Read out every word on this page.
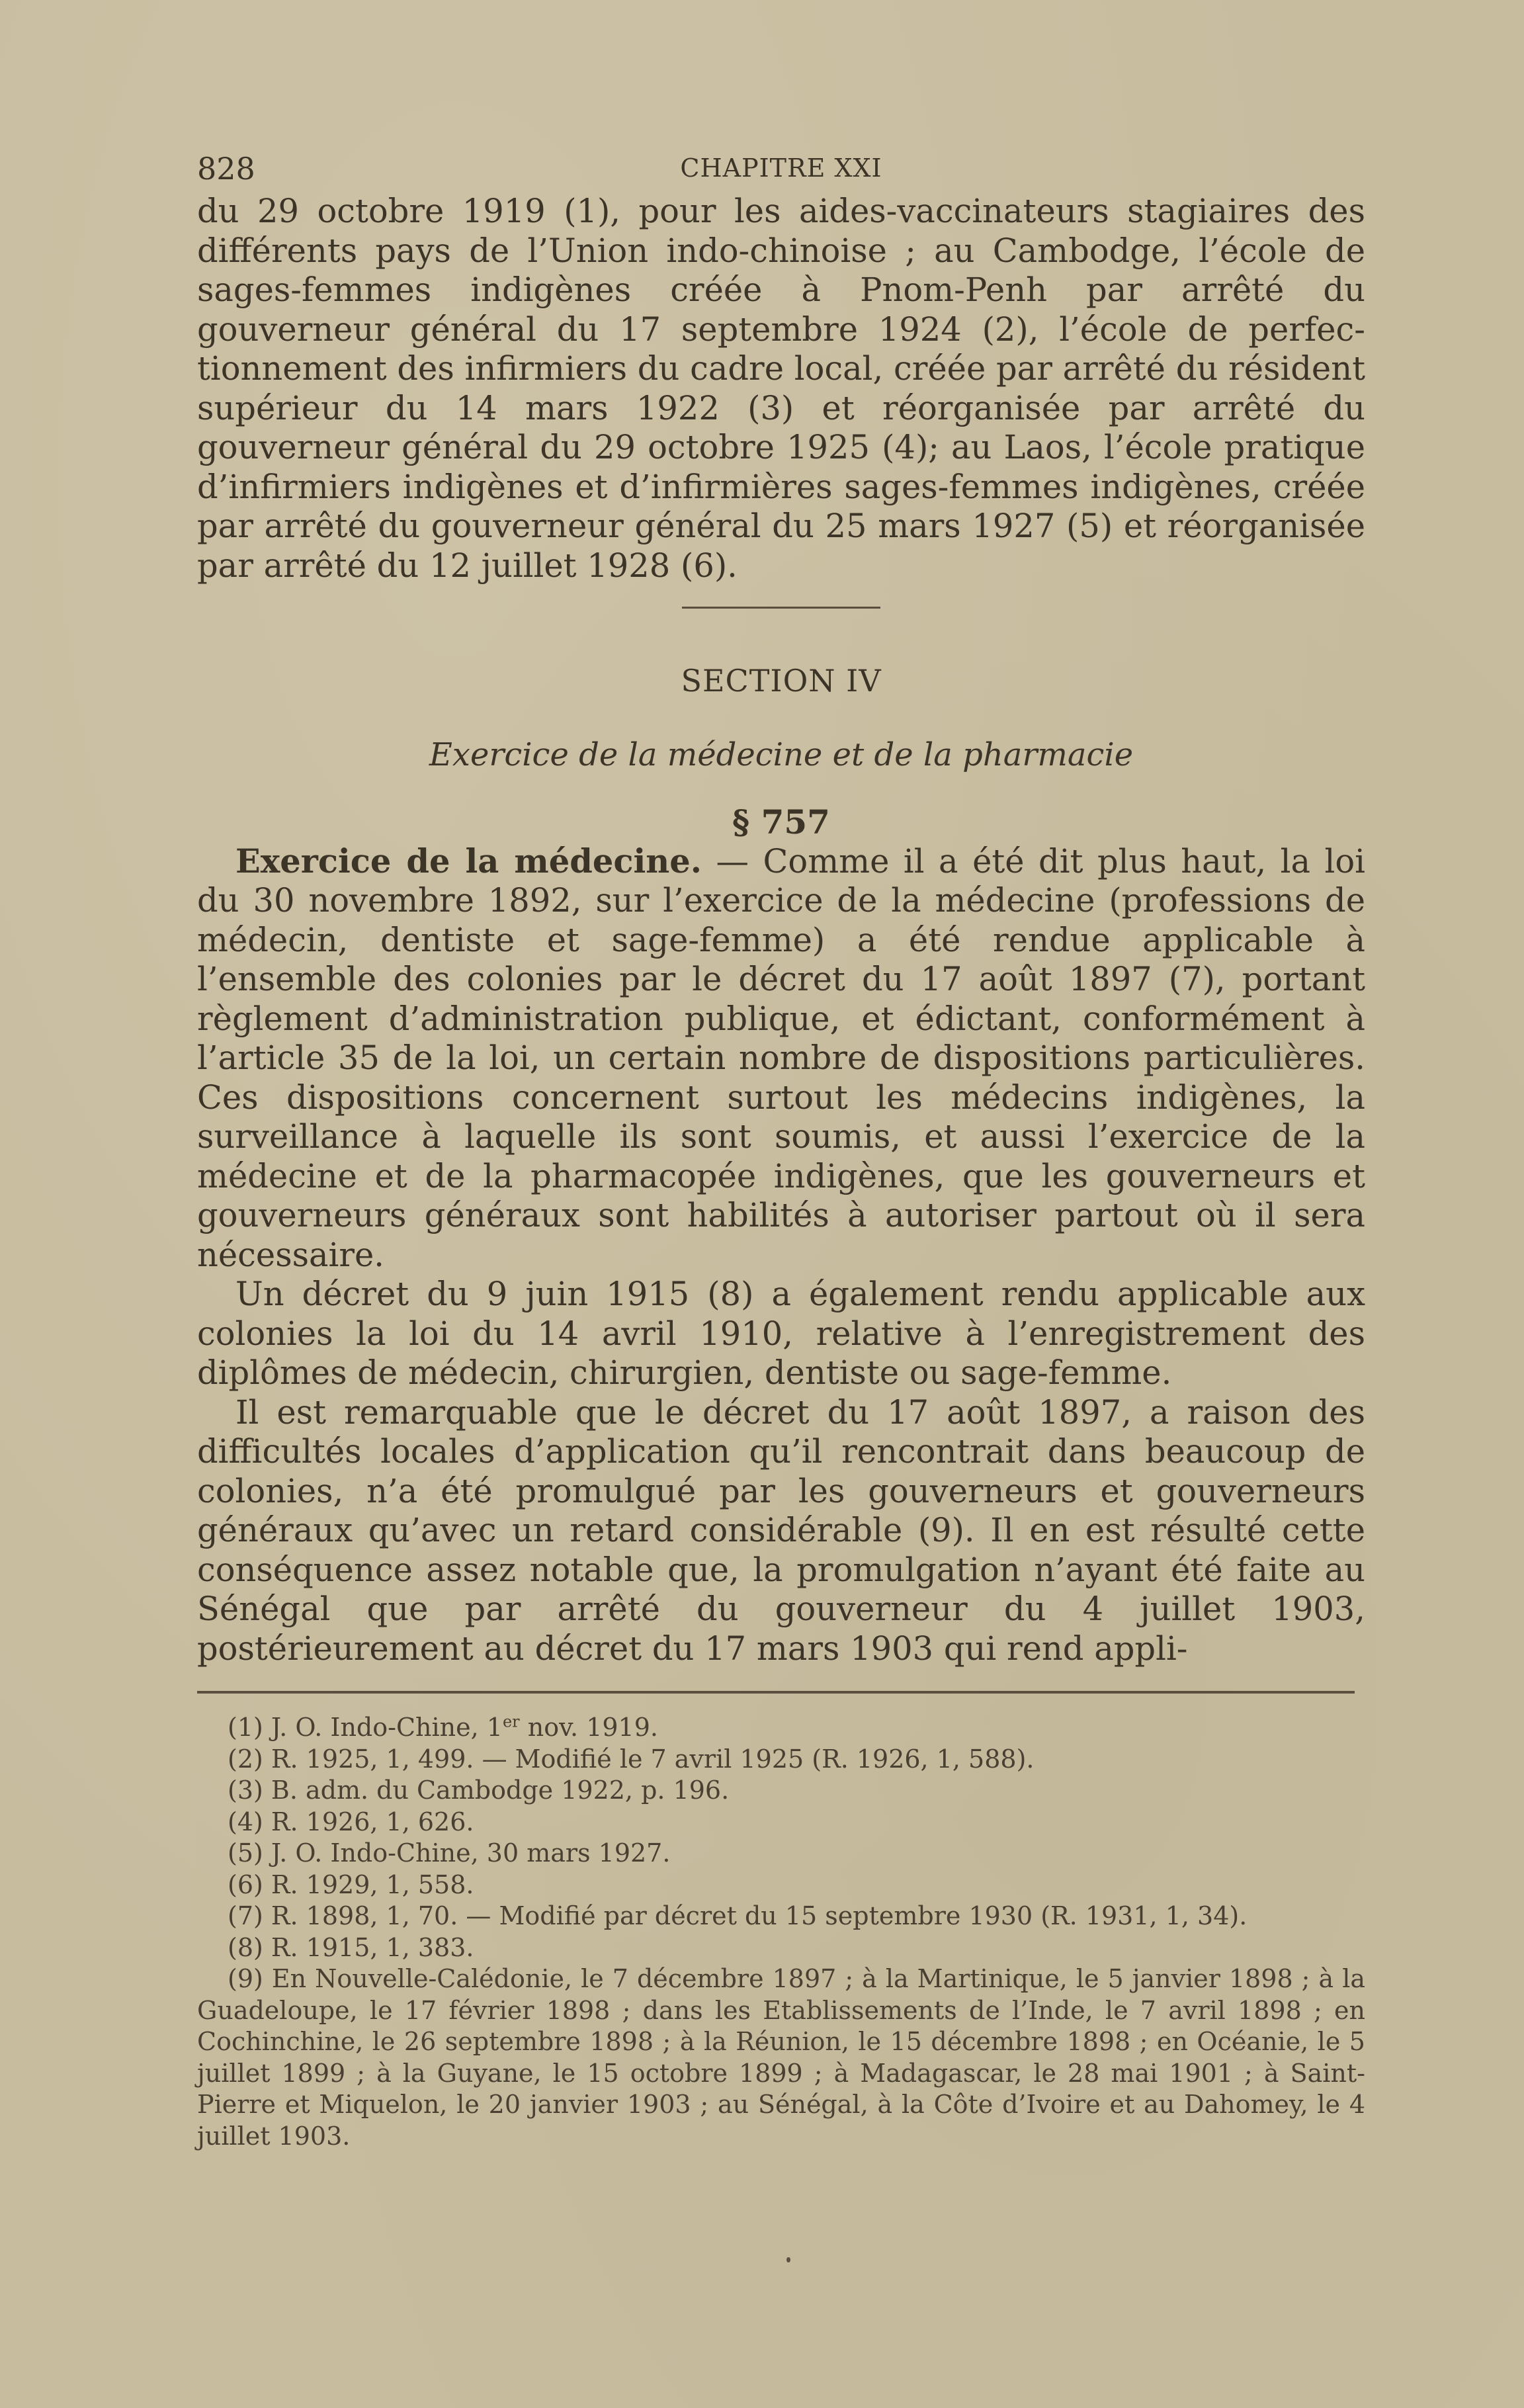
828	CHAPITRE XXI

du 29 octobre 1919 (1), pour les aides-vaccinateurs stagiaires des différents pays de l’Union indo-chinoise ; au Cambodge, l’école de sages-femmes indigènes créée à Pnom-Penh par arrêté du gouverneur général du 17 septembre 1924 (2), l’école de perfectionnement des infirmiers du cadre local, créée par arrêté du résident supérieur du 14 mars 1922 (3) et réorganisée par arrêté du gouverneur général du 29 octobre 1925 (4); au Laos, l’école pratique d’infirmiers indigènes et d’infirmières sages-femmes indigènes, créée par arrêté du gouverneur général du 25 mars 1927 (5) et réorganisée par arrêté du 12 juillet 1928 (6).

SECTION IV
Exercice de la médecine et de la pharmacie
§ 757

Exercice de la médecine. — Comme il a été dit plus haut, la loi du 30 novembre 1892, sur l’exercice de la médecine (professions de médecin, dentiste et sage-femme) a été rendue applicable à l’ensemble des colonies par le décret du 17 août 1897 (7), portant règlement d’administration publique, et édictant, conformément à l’article 35 de la loi, un certain nombre de dispositions particulières. Ces dispositions concernent surtout les médecins indigènes, la surveillance à laquelle ils sont soumis, et aussi l’exercice de la médecine et de la pharmacopée indigènes, que les gouverneurs et gouverneurs généraux sont habilités à autoriser partout où il sera nécessaire.

Un décret du 9 juin 1915 (8) a également rendu applicable aux colonies la loi du 14 avril 1910, relative à l’enregistrement des diplômes de médecin, chirurgien, dentiste ou sage-femme.

Il est remarquable que le décret du 17 août 1897, a raison des difficultés locales d’application qu’il rencontrait dans beaucoup de colonies, n’a été promulgué par les gouverneurs et gouverneurs généraux qu’avec un retard considérable (9). Il en est résulté cette conséquence assez notable que, la promulgation n’ayant été faite au Sénégal que par arrêté du gouverneur du 4 juillet 1903, postérieurement au décret du 17 mars 1903 qui rend appli-

(1) J. O. Indo-Chine, 1er nov. 1919.

(2) R. 1925, 1, 499. — Modifié le 7 avril 1925 (R. 1926, 1, 588).

(3) B. adm. du Cambodge 1922, p. 196.

(4) R. 1926, 1, 626.

(5) J. O. Indo-Chine, 30 mars 1927.

(6) R. 1929, 1, 558.

(7) R. 1898, 1, 70. — Modifié par décret du 15 septembre 1930 (R. 1931, 1, 34).

(8) R. 1915, 1, 383.

(9) En Nouvelle-Calédonie, le 7 décembre 1897 ; à la Martinique, le 5 janvier 1898 ; à la Guadeloupe, le 17 février 1898 ; dans les Etablissements de l’Inde, le 7 avril 1898 ; en Cochinchine, le 26 septembre 1898 ; à la Réunion, le 15 décembre 1898 ; en Océanie, le 5 juillet 1899 ; à la Guyane, le 15 octobre 1899 ; à Madagascar, le 28 mai 1901 ; à Saint-Pierre et Miquelon, le 20 janvier 1903 ; au Sénégal, à la Côte d’Ivoire et au Dahomey, le 4 juillet 1903.
